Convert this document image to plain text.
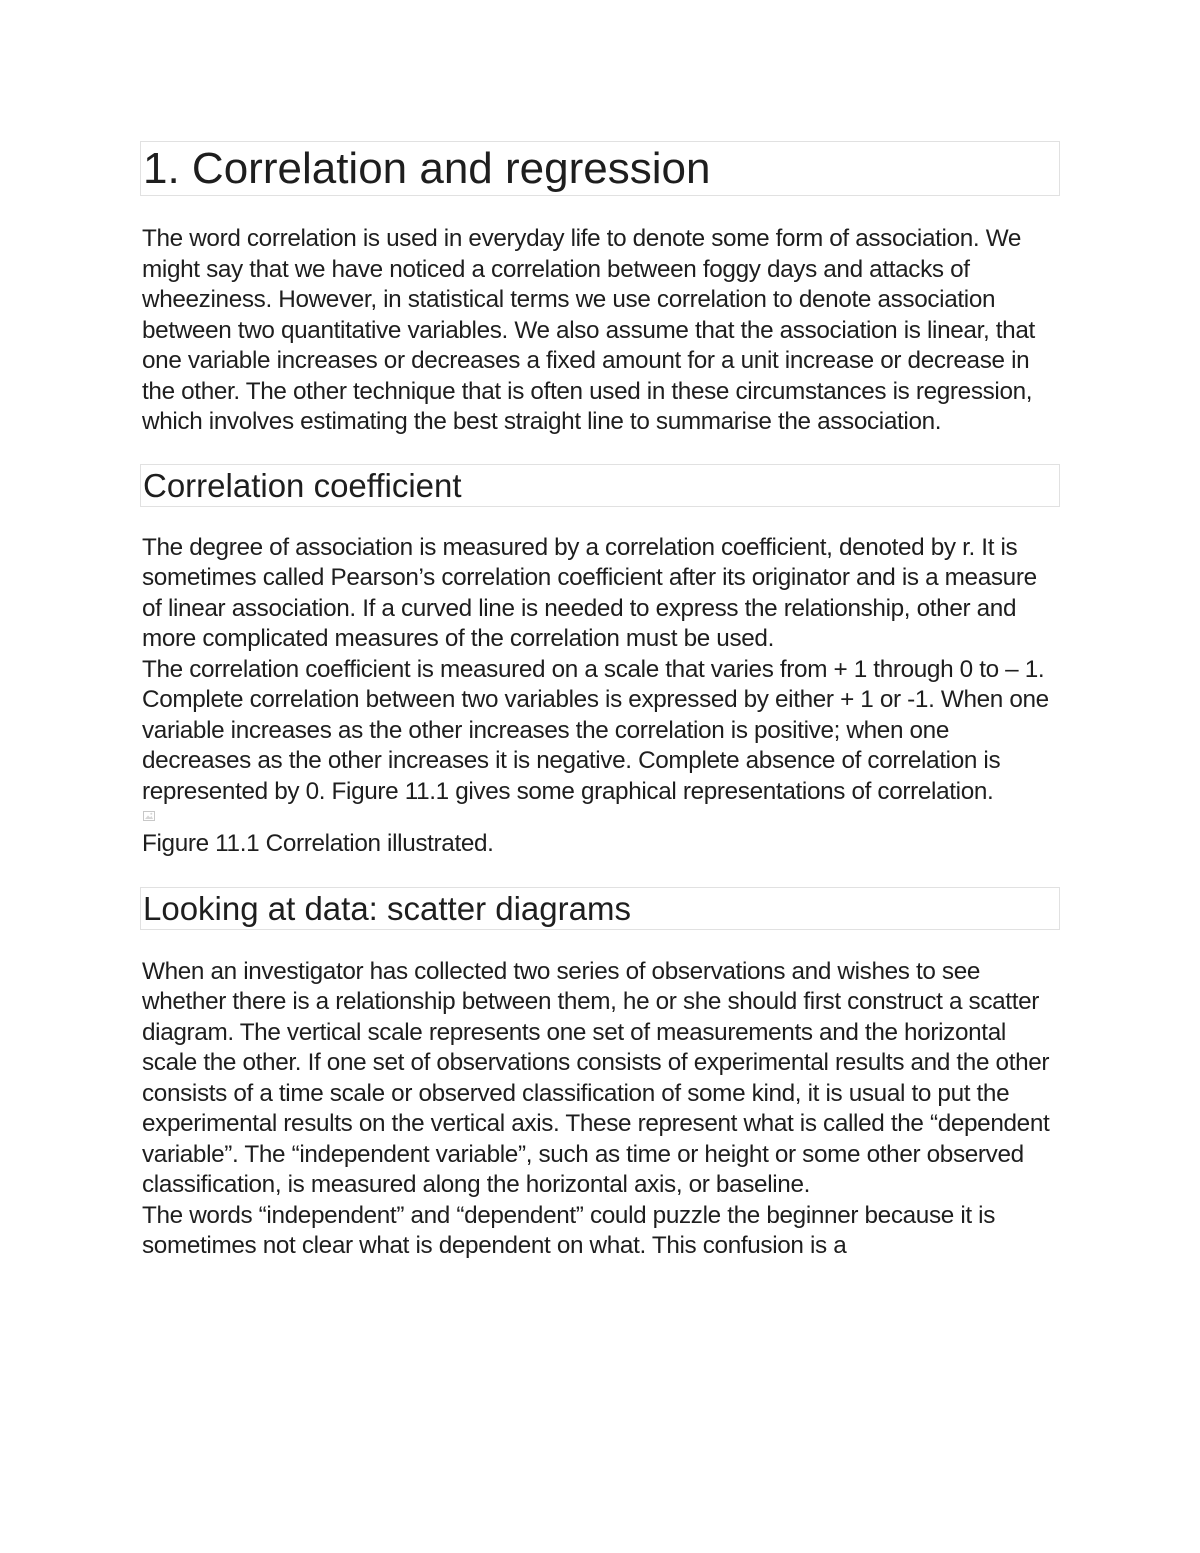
1. Correlation and regression

The word correlation is used in everyday life to denote some form of association. We might say that we have noticed a correlation between foggy days and attacks of wheeziness. However, in statistical terms we use correlation to denote association between two quantitative variables. We also assume that the association is linear, that one variable increases or decreases a fixed amount for a unit increase or decrease in the other. The other technique that is often used in these circumstances is regression, which involves estimating the best straight line to summarise the association.

Correlation coefficient

The degree of association is measured by a correlation coefficient, denoted by r. It is sometimes called Pearson’s correlation coefficient after its originator and is a measure of linear association. If a curved line is needed to express the relationship, other and more complicated measures of the correlation must be used.

The correlation coefficient is measured on a scale that varies from + 1 through 0 to – 1. Complete correlation between two variables is expressed by either + 1 or -1. When one variable increases as the other increases the correlation is positive; when one decreases as the other increases it is negative. Complete absence of correlation is represented by 0. Figure 11.1 gives some graphical representations of correlation.

Figure 11.1 Correlation illustrated.

Looking at data: scatter diagrams

When an investigator has collected two series of observations and wishes to see whether there is a relationship between them, he or she should first construct a scatter diagram. The vertical scale represents one set of measurements and the horizontal scale the other. If one set of observations consists of experimental results and the other consists of a time scale or observed classification of some kind, it is usual to put the experimental results on the vertical axis. These represent what is called the “dependent variable”. The “independent variable”, such as time or height or some other observed classification, is measured along the horizontal axis, or baseline.

The words “independent” and “dependent” could puzzle the beginner because it is sometimes not clear what is dependent on what. This confusion is a
